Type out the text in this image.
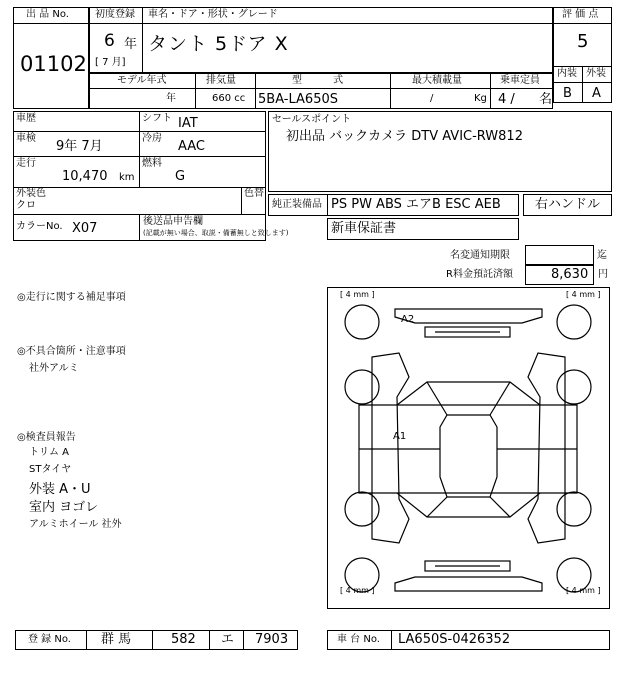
出 品 No.
01102
初度登録
6 年
[ 7 月]
車名・ドア・形状・グレード
タント 5ドア X
評 価 点
5
内装 外装
B A
モデル年式
年
排気量
660 cc
型 式
5BA-LA650S
最大積載量
/	Kg
乗車定員
4 / 名
車歴	シフト IAT
車検
9年 7月
冷房
AAC
走行
10,470 km
燃料
G
外装色
クロ
色替
カラーNo. X07	後送品申告欄
(記載が無い場合、取説・備蓄無しと致します)
セールスポイント
初出品 バックカメラ DTV AVIC-RW812
純正装備品 PS PW ABS エアB ESC AEB	右ハンドル
新車保証書
名変通知期限	迄
R料金預託済額	8,630 円
◎走行に関する補足事項
◎不具合箇所・注意事項
社外アルミ
◎検査員報告
トリム A
STタイヤ
外装 A・U
室内 ヨゴレ
アルミホイール 社外
[ 4 mm ]	[ 4 mm ]
[ 4 mm ]	[ 4 mm ]
A2
A1
登 録 No. 群 馬	582 エ 7903	車 台 No. LA650S-0426352
